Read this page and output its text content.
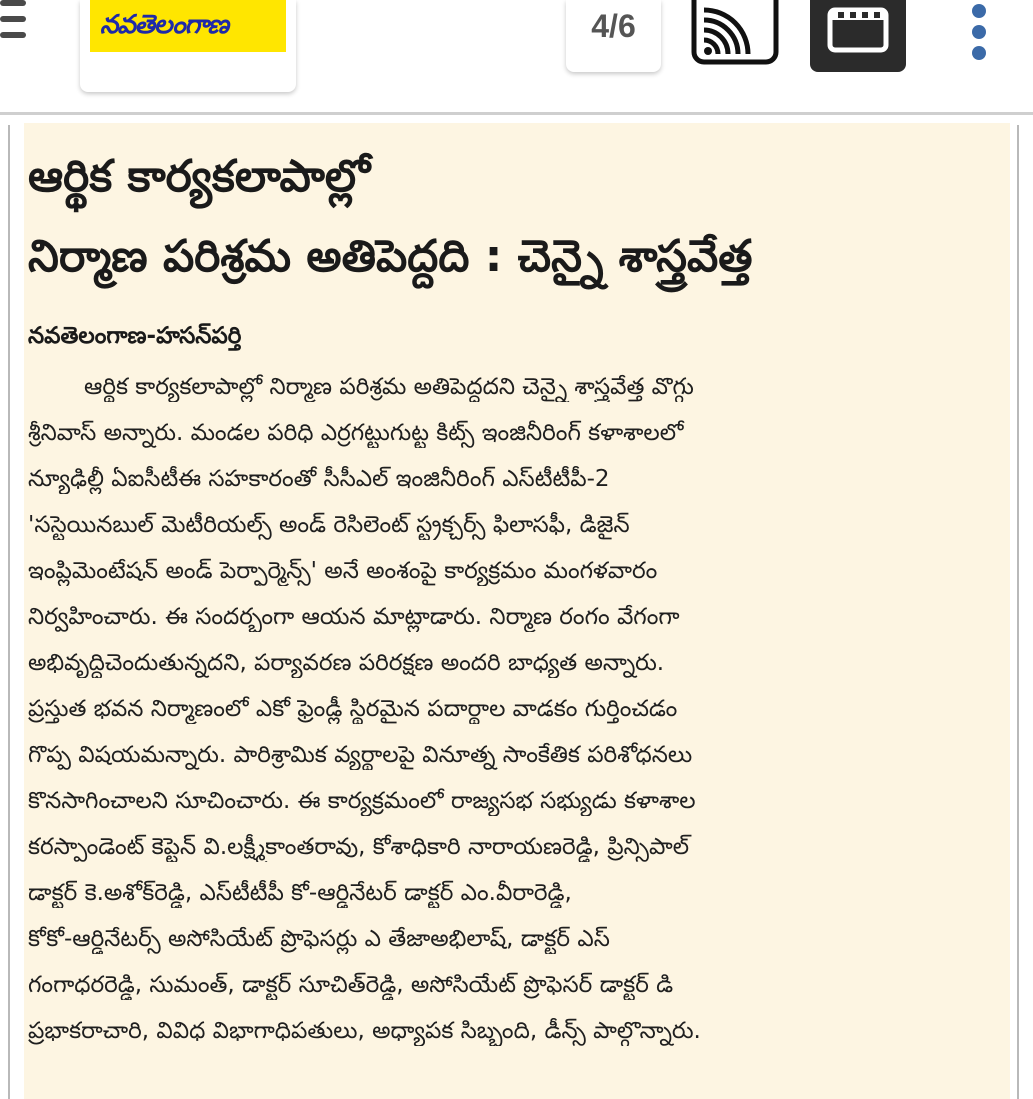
నవతెలంగాణ	4/6
ఆర్థిక కార్యకలాపాల్లో
నిర్మాణ పరిశ్రమ అతిపెద్దది : చెన్నై శాస్త్రవేత్త
నవతెలంగాణ-హసన్‌పర్తి
ఆర్థిక కార్యకలాపాల్లో నిర్మాణ పరిశ్రమ అతిపెద్దదని చెన్నై శాస్త్రవేత్త వొగ్గు
శ్రీనివాస్ అన్నారు. మండల పరిధి ఎర్రగట్టుగుట్ట కిట్స్ ఇంజినీరింగ్ కళాశాలలో
న్యూఢిల్లీ ఏఐసీటీఈ సహకారంతో సీసీఎల్ ఇంజినీరింగ్ ఎస్‌టీటీపీ-2
'సస్టెయినబుల్ మెటీరియల్స్ అండ్ రెసిలెంట్ స్ట్రక్చర్స్ ఫిలాసఫీ, డిజైన్
ఇంప్లిమెంటేషన్ అండ్ పెర్ఫార్మెన్స్' అనే అంశంపై కార్యక్రమం మంగళవారం
నిర్వహించారు. ఈ సందర్భంగా ఆయన మాట్లాడారు. నిర్మాణ రంగం వేగంగా
అభివృద్ధిచెందుతున్నదని, పర్యావరణ పరిరక్షణ అందరి బాధ్యత అన్నారు.
ప్రస్తుత భవన నిర్మాణంలో ఎకో ఫ్రెండ్లీ స్థిరమైన పదార్థాల వాడకం గుర్తించడం
గొప్ప విషయమన్నారు. పారిశ్రామిక వ్యర్థాలపై వినూత్న సాంకేతిక పరిశోధనలు
కొనసాగించాలని సూచించారు. ఈ కార్యక్రమంలో రాజ్యసభ సభ్యుడు కళాశాల
కరస్పాండెంట్ కెప్టెన్ వి.లక్ష్మీకాంతరావు, కోశాధికారి నారాయణరెడ్డి, ప్రిన్సిపాల్
డాక్టర్ కె.అశోక్‌రెడ్డి, ఎస్‌టీటీపీ కో-ఆర్డినేటర్ డాక్టర్ ఎం.వీరారెడ్డి,
కోకో-ఆర్డినేటర్స్ అసోసియేట్ ప్రొఫెసర్లు ఎ తేజాఅభిలాష్, డాక్టర్ ఎస్
గంగాధరరెడ్డి, సుమంత్, డాక్టర్ సూచిత్‌రెడ్డి, అసోసియేట్ ప్రొఫెసర్ డాక్టర్ డి
ప్రభాకరాచారి, వివిధ విభాగాధిపతులు, అధ్యాపక సిబ్బంది, డీన్స్ పాల్గొన్నారు.
